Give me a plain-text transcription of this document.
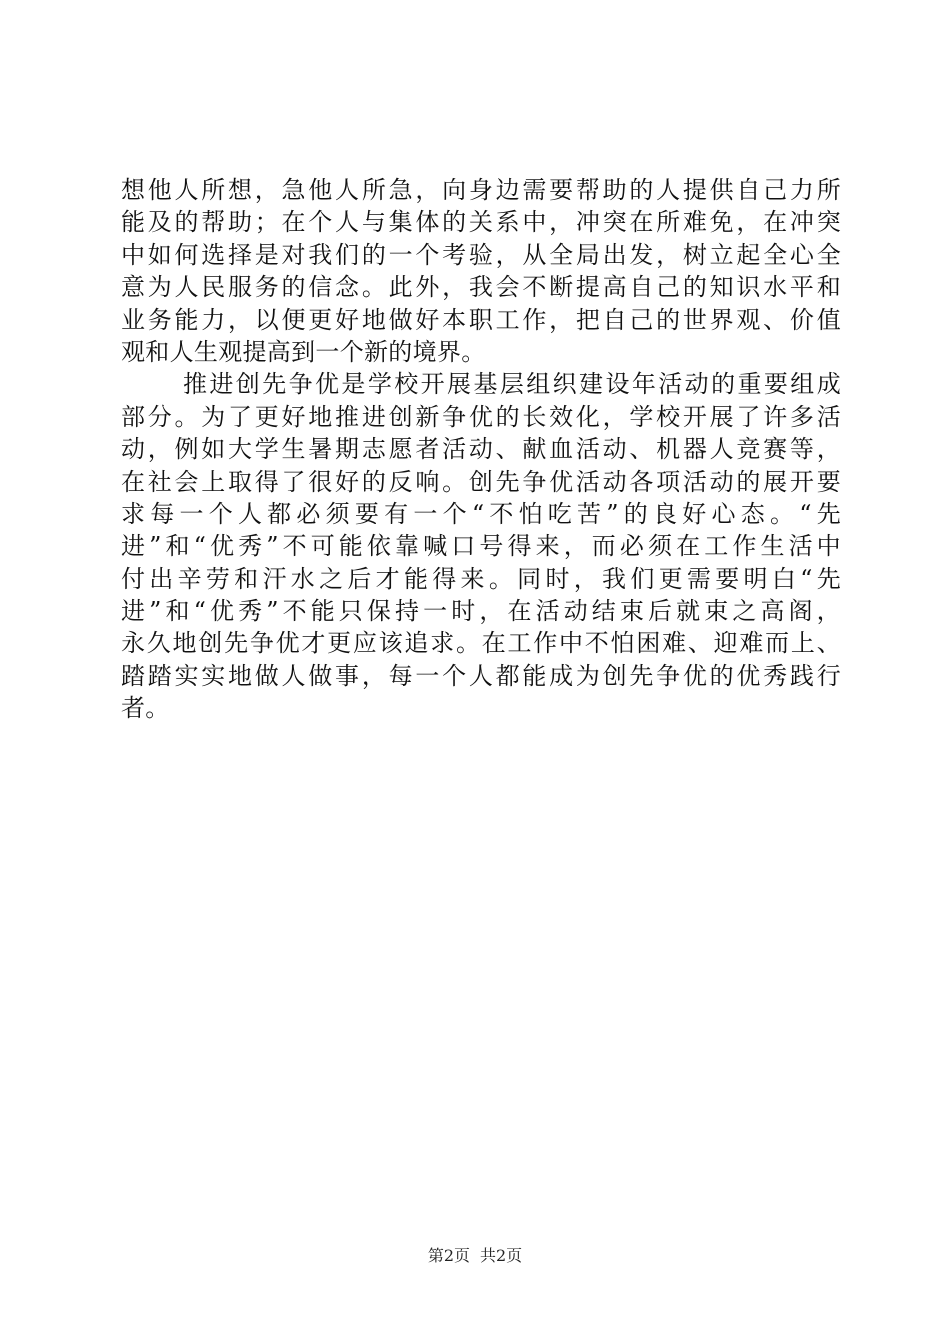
想他人所想，急他人所急，向身边需要帮助的人提供自己力所
能及的帮助；在个人与集体的关系中，冲突在所难免，在冲突
中如何选择是对我们的一个考验，从全局出发，树立起全心全
意为人民服务的信念。此外，我会不断提高自己的知识水平和
业务能力，以便更好地做好本职工作，把自己的世界观、价值
观和人生观提高到一个新的境界。
推进创先争优是学校开展基层组织建设年活动的重要组成
部分。为了更好地推进创新争优的长效化，学校开展了许多活
动，例如大学生暑期志愿者活动、献血活动、机器人竞赛等，
在社会上取得了很好的反响。创先争优活动各项活动的展开要
求每一个人都必须要有一个“不怕吃苦”的良好心态。“先
进”和“优秀”不可能依靠喊口号得来，而必须在工作生活中
付出辛劳和汗水之后才能得来。同时，我们更需要明白“先
进”和“优秀”不能只保持一时，在活动结束后就束之高阁，
永久地创先争优才更应该追求。在工作中不怕困难、迎难而上、
踏踏实实地做人做事，每一个人都能成为创先争优的优秀践行
者。
第2页 共2页
